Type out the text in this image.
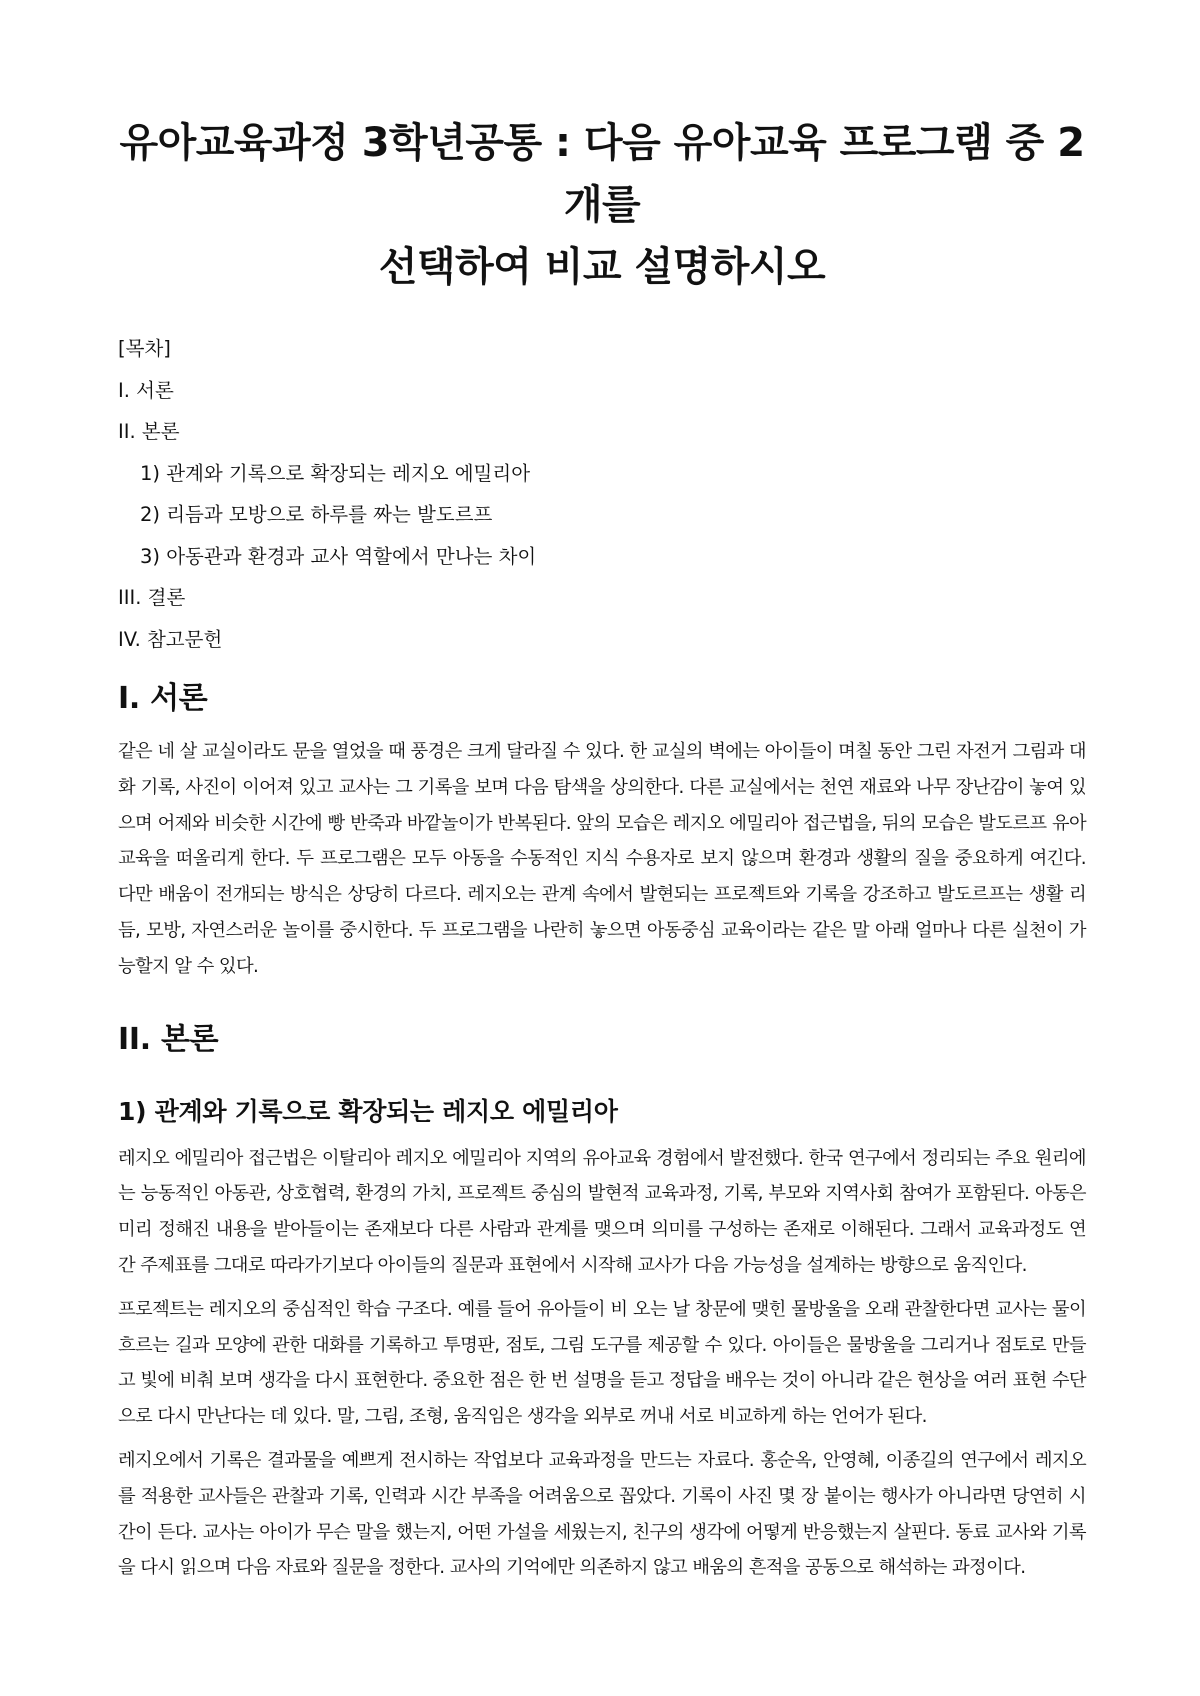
유아교육과정 3학년공통 : 다음 유아교육 프로그램 중 2개를
선택하여 비교 설명하시오
[목차]
I. 서론
II. 본론
1) 관계와 기록으로 확장되는 레지오 에밀리아
2) 리듬과 모방으로 하루를 짜는 발도르프
3) 아동관과 환경과 교사 역할에서 만나는 차이
III. 결론
IV. 참고문헌
I. 서론

같은 네 살 교실이라도 문을 열었을 때 풍경은 크게 달라질 수 있다. 한 교실의 벽에는 아이들이 며칠 동안 그린 자전거 그림과 대화 기록, 사진이 이어져 있고 교사는 그 기록을 보며 다음 탐색을 상의한다. 다른 교실에서는 천연 재료와 나무 장난감이 놓여 있으며 어제와 비슷한 시간에 빵 반죽과 바깥놀이가 반복된다. 앞의 모습은 레지오 에밀리아 접근법을, 뒤의 모습은 발도르프 유아교육을 떠올리게 한다. 두 프로그램은 모두 아동을 수동적인 지식 수용자로 보지 않으며 환경과 생활의 질을 중요하게 여긴다. 다만 배움이 전개되는 방식은 상당히 다르다. 레지오는 관계 속에서 발현되는 프로젝트와 기록을 강조하고 발도르프는 생활 리듬, 모방, 자연스러운 놀이를 중시한다. 두 프로그램을 나란히 놓으면 아동중심 교육이라는 같은 말 아래 얼마나 다른 실천이 가능할지 알 수 있다.

II. 본론
1) 관계와 기록으로 확장되는 레지오 에밀리아

레지오 에밀리아 접근법은 이탈리아 레지오 에밀리아 지역의 유아교육 경험에서 발전했다. 한국 연구에서 정리되는 주요 원리에는 능동적인 아동관, 상호협력, 환경의 가치, 프로젝트 중심의 발현적 교육과정, 기록, 부모와 지역사회 참여가 포함된다. 아동은 미리 정해진 내용을 받아들이는 존재보다 다른 사람과 관계를 맺으며 의미를 구성하는 존재로 이해된다. 그래서 교육과정도 연간 주제표를 그대로 따라가기보다 아이들의 질문과 표현에서 시작해 교사가 다음 가능성을 설계하는 방향으로 움직인다.

프로젝트는 레지오의 중심적인 학습 구조다. 예를 들어 유아들이 비 오는 날 창문에 맺힌 물방울을 오래 관찰한다면 교사는 물이 흐르는 길과 모양에 관한 대화를 기록하고 투명판, 점토, 그림 도구를 제공할 수 있다. 아이들은 물방울을 그리거나 점토로 만들고 빛에 비춰 보며 생각을 다시 표현한다. 중요한 점은 한 번 설명을 듣고 정답을 배우는 것이 아니라 같은 현상을 여러 표현 수단으로 다시 만난다는 데 있다. 말, 그림, 조형, 움직임은 생각을 외부로 꺼내 서로 비교하게 하는 언어가 된다.

레지오에서 기록은 결과물을 예쁘게 전시하는 작업보다 교육과정을 만드는 자료다. 홍순옥, 안영혜, 이종길의 연구에서 레지오를 적용한 교사들은 관찰과 기록, 인력과 시간 부족을 어려움으로 꼽았다. 기록이 사진 몇 장 붙이는 행사가 아니라면 당연히 시간이 든다. 교사는 아이가 무슨 말을 했는지, 어떤 가설을 세웠는지, 친구의 생각에 어떻게 반응했는지 살핀다. 동료 교사와 기록을 다시 읽으며 다음 자료와 질문을 정한다. 교사의 기억에만 의존하지 않고 배움의 흔적을 공동으로 해석하는 과정이다.
